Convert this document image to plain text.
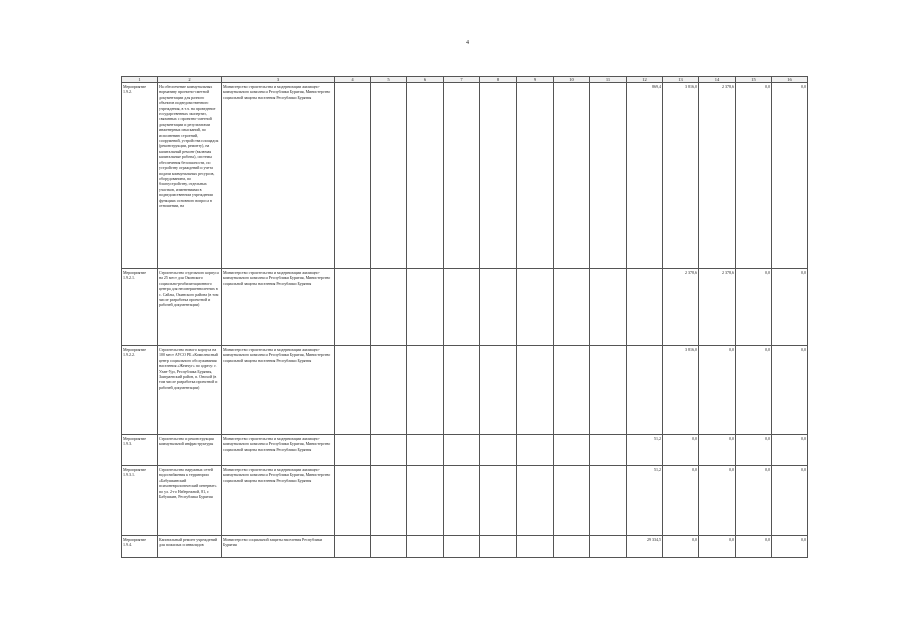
4
1	2	3	4	5	6	7	8	9	10	11	12	13	14	15	16
Мероприятие 1.9.2.	На обеспечение коммунальных нормативу проектно-сметной документации для разного объектов подведомственного учреждения, в т.ч. на проведение государственных экспертиз, связанных с проектно-сметной документации и результатами инженерных изысканий, по исполнению строений, сооружений, устройства площадок (реконструкции, ремонту), на капитальный ремонт (включая капитальные работы), системы обеспечения безопасности, по устройству ограждений и учета подачи коммунальных ресурсов, оборудованием, по благоустройству, отдельных участков, изменениями в подведомственном учреждении функциях основного вопроса в отношении, на	Министерство строительства и модернизации жилищно-коммунального комплекса Республики Бурятия, Министерство социальной защиты населения Республики Бурятия									869,4	3 816,0	2 378,6	0,0	0,0
Мероприятие 1.9.2.1.	Строительство отдельного корпуса на 25 мест для Окинского социально-реабилитационного центра для несовершеннолетних в с. Сайлы, Окинского района (в том числе разработка проектной и рабочей документации)	Министерство строительства и модернизации жилищно-коммунального комплекса Республики Бурятия, Министерство социальной защиты населения Республики Бурятия										2 378,6	2 378,6	0,0	0,0
Мероприятие 1.9.2.2.	Строительство нового корпуса на 100 мест АУСО РБ «Комплексный центр социального обслуживания населения «Жемчуг» по адресу: г. Улан-Удэ, Республика Бурятия, Заиграевский район, п. Онохой (в том числе разработка проектной и рабочей документации)	Министерство строительства и модернизации жилищно-коммунального комплекса Республики Бурятия, Министерство социальной защиты населения Республики Бурятия										3 816,0	0,0	0,0	0,0
Мероприятие 1.9.3.	Строительство и реконструкция коммунальной инфраструктуры	Министерство строительства и модернизации жилищно-коммунального комплекса Республики Бурятия, Министерство социальной защиты населения Республики Бурятия									51,2	0,0	0,0	0,0	0,0
Мероприятие 1.9.3.1.	Строительство наружных сетей водоснабжения к территории «Бабушкинский психоневрологический интернат» по ул. 2-го Набережной, 81, г. Бабушкин, Республика Бурятия	Министерство строительства и модернизации жилищно-коммунального комплекса Республики Бурятия, Министерство социальной защиты населения Республики Бурятия									51,2	0,0	0,0	0,0	0,0
Мероприятие 1.9.4.	Капитальный ремонт учреждений для пожилых и инвалидов	Министерство социальной защиты населения Республики Бурятия									29 334,5	0,0	0,0	0,0	0,0
